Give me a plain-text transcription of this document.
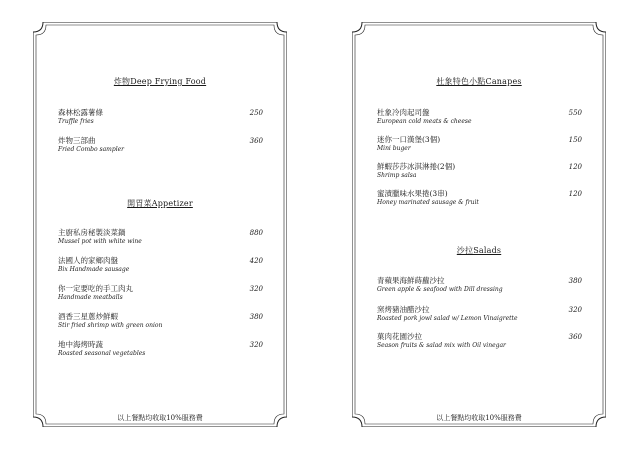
炸物Deep Frying Food
森林松露薯條
Truffle fries
250
炸物三部曲
Fried Combo sampler
360
開胃菜Appetizer
主廚私房秘製淡菜鍋
Mussel pot with white wine
880
法國人的家鄉肉盤
Bix Handmade sausage
420
你一定要吃的手工肉丸
Handmade meatballs
320
酒香三星蔥炒鮮蝦
Stir fried shrimp with green onion
380
地中海烤時蔬
Roasted seasonal vegetables
320
以上餐點均收取10%服務費
杜象特色小點Canapes
杜象冷肉起司盤
European cold meats & cheese
550
迷你一口漢堡(3個)
Mini buger
150
鮮蝦莎莎冰淇淋捲(2個)
Shrimp salsa
120
蜜漬臘味水果捲(3串)
Honey marinated sausage & fruit
120
沙拉Salads
青蘋果海鮮蒔蘿沙拉
Green apple & seafood with Dill dressing
380
窯烤豬油醋沙拉
Roasted pork jowl salad w/ Lemon Vinaigrette
320
菓肉花園沙拉
Season fruits & salad mix with Oil vinegar
360
以上餐點均收取10%服務費
